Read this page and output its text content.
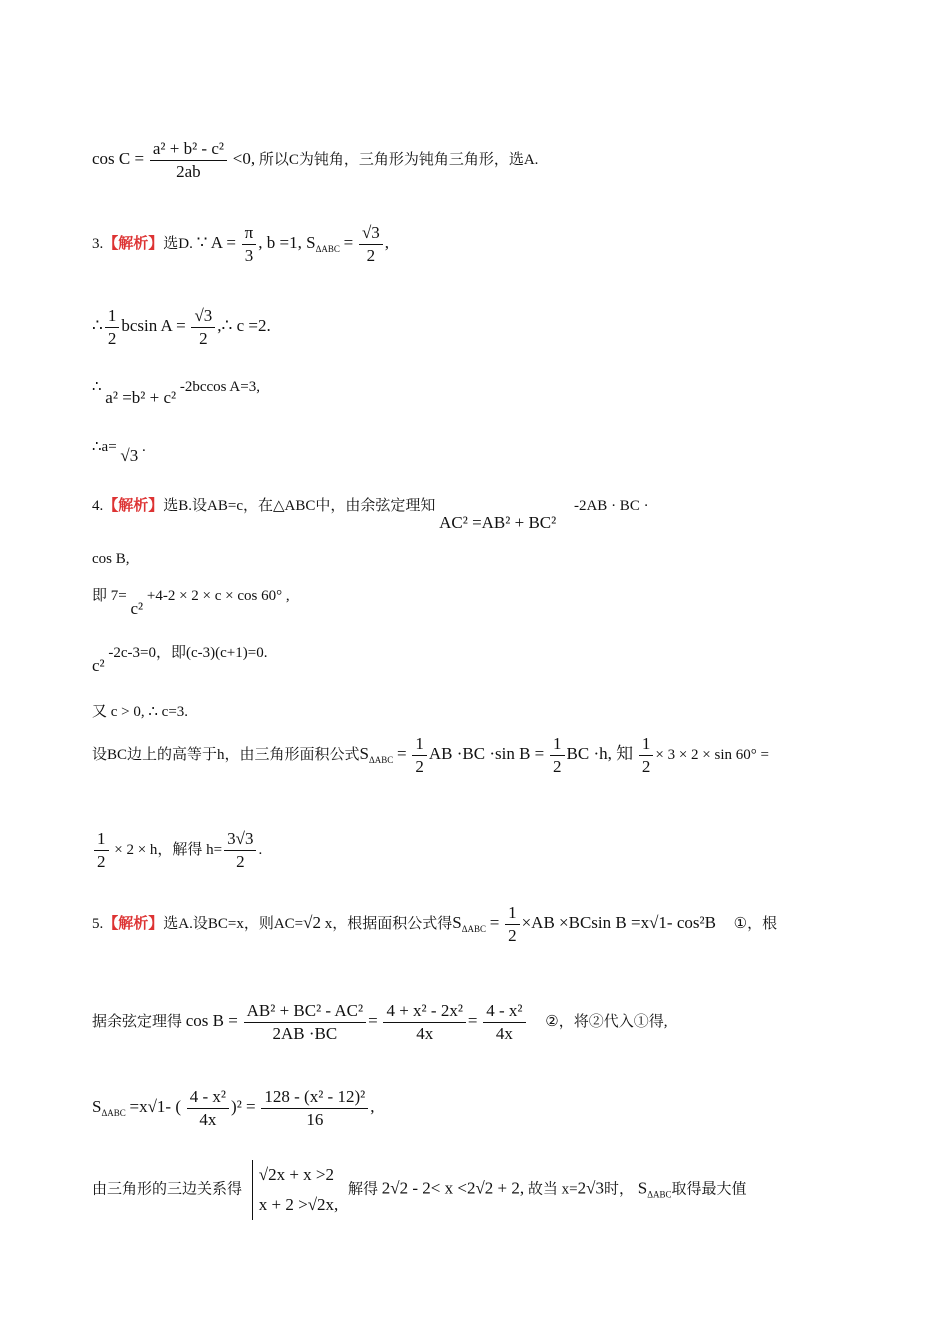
$\cos C = \frac{\text{a² + b² - c²}}{2ab} <0$, 所以C为钝角，三角形为钝角三角形，选A.
3.【解析】选D. ∵ $A = \frac{\pi}{3}$ , b =1, $S_{\Delta ABC} = \frac{√3}{2}$ ,
∴ $\frac{1}{2}$ bcsin $A = \frac{√3}{2}$ ,∴ c =2.
∴ a² =b² + c² -2bccos A=3,
∴a= √3 .
4.【解析】选B.设AB=c，在△ABC中，由余弦定理知 AC² =AB² + BC² -2AB · BC ·
cos B,
即 7= c² +4-2 × 2 × c × cos 60° ,
c² -2c-3=0，即(c-3)(c+1)=0.
又 c > 0, ∴ c=3.
设BC边上的高等于h，由三角形面积公式$S_{\Delta ABC} = \frac{1}{2}$ AB ·BC ·sin $B = \frac{1}{2}$ BC ·h, 知 $\frac{1}{2} \times 3 \times 2 \times \sin 60^\circ$ =
$\frac{1}{2} \times 2 \times h$，解得 $h= \frac{3√3}{2}$ .
5.【解析】选A.设BC=x，则AC=√2 x，根据面积公式得$S_{\Delta ABC} = \frac{1}{2} \times AB \times BCsin$ B =x√1- cos²B ①，根
据余弦定理得 $\cos B = \frac{\text{AB² + BC² - AC²}}{2AB \cdot BC} = \frac{\text{4 + x² - 2x²}}{4x} = \frac{\text{4 - x²}}{4x}$ ②，将②代入①得,
$S_{\Delta ABC} =x√1-$ ( $\frac{\text{4 - x²}}{4x} )^2 = \frac{\text{128 - (x² - 12)²}}{16}$ ,
由三角形的三边关系得
√2x + x >2
x + 2 >√2x,
解得 2√2 - 2< x <2√2 + 2, 故当 x=2√3时， $S_{\Delta ABC}$取得最大值
